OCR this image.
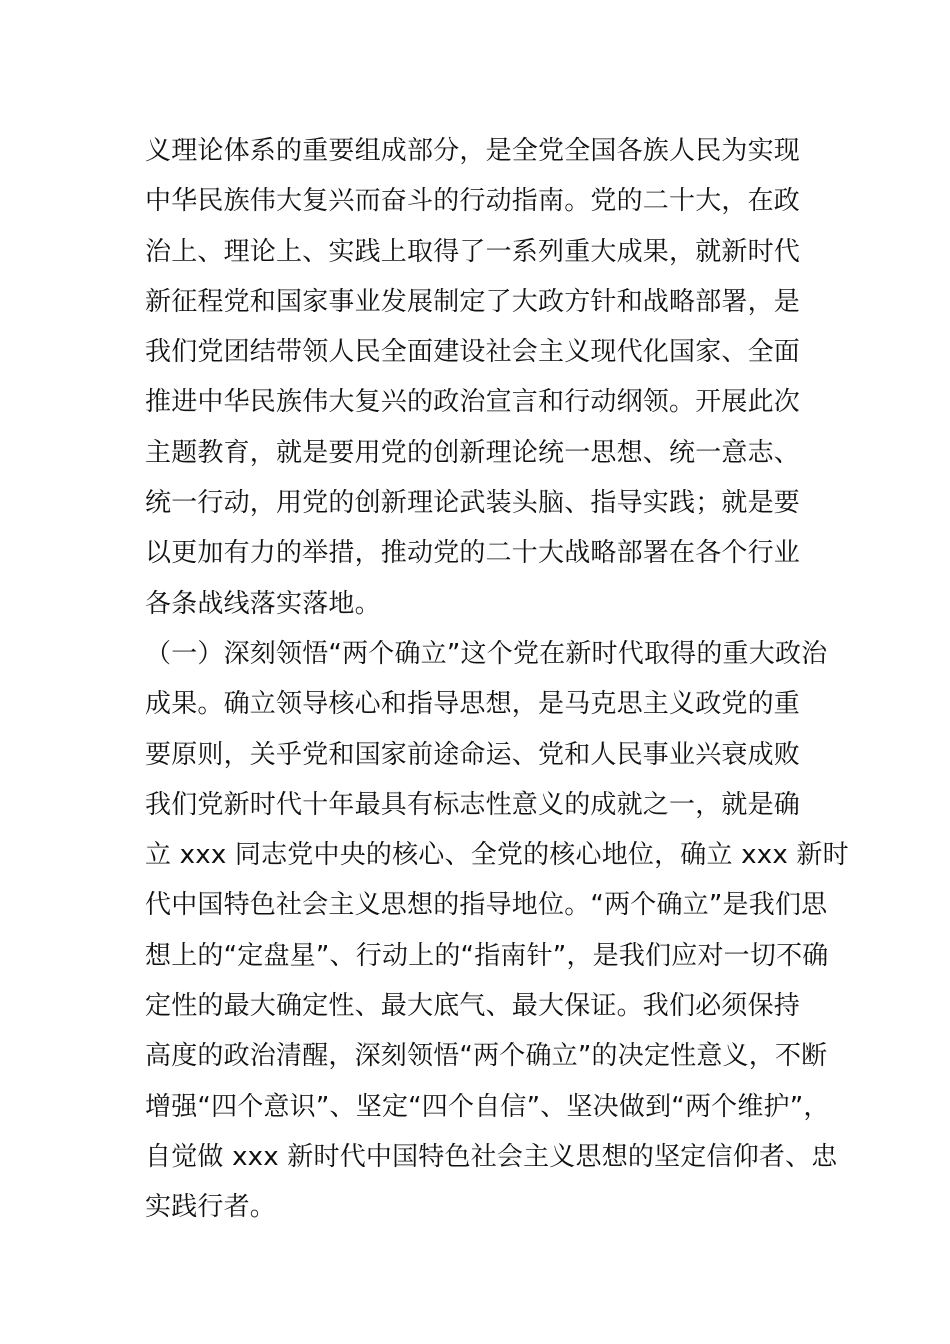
义理论体系的重要组成部分，是全党全国各族人民为实现
中华民族伟大复兴而奋斗的行动指南。党的二十大，在政
治上、理论上、实践上取得了一系列重大成果，就新时代
新征程党和国家事业发展制定了大政方针和战略部署，是
我们党团结带领人民全面建设社会主义现代化国家、全面
推进中华民族伟大复兴的政治宣言和行动纲领。开展此次
主题教育，就是要用党的创新理论统一思想、统一意志、
统一行动，用党的创新理论武装头脑、指导实践；就是要
以更加有力的举措，推动党的二十大战略部署在各个行业
各条战线落实落地。
（一）深刻领悟“两个确立”这个党在新时代取得的重大政治
成果。确立领导核心和指导思想，是马克思主义政党的重
要原则，关乎党和国家前途命运、党和人民事业兴衰成败
我们党新时代十年最具有标志性意义的成就之一，就是确
立 xxx 同志党中央的核心、全党的核心地位，确立 xxx 新时
代中国特色社会主义思想的指导地位。“两个确立”是我们思
想上的“定盘星”、行动上的“指南针”，是我们应对一切不确
定性的最大确定性、最大底气、最大保证。我们必须保持
高度的政治清醒，深刻领悟“两个确立”的决定性意义，不断
增强“四个意识”、坚定“四个自信”、坚决做到“两个维护”，
自觉做 xxx 新时代中国特色社会主义思想的坚定信仰者、忠
实践行者。
